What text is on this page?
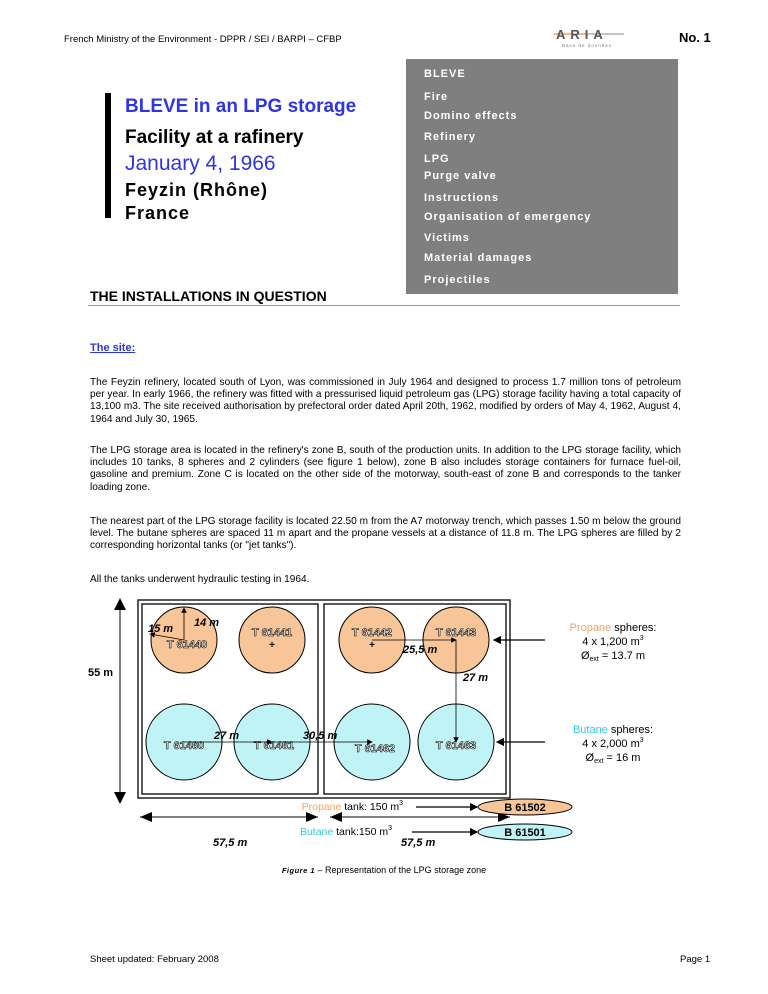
French Ministry of the Environment - DPPR / SEI / BARPI – CFBP	ARIA
Base de données
No. 1
BLEVE
Fire
Domino effects
Refinery
LPG
Purge valve
Instructions
Organisation of emergency
Victims
Material damages
Projectiles
BLEVE in an LPG storage
Facility at a rafinery
January 4, 1966
Feyzin (Rhône)
France
THE INSTALLATIONS IN QUESTION
The site:
The Feyzin refinery, located south of Lyon, was commissioned in July 1964 and designed to process 1.7 million tons of petroleum per year. In early 1966, the refinery was fitted with a pressurised liquid petroleum gas (LPG) storage facility having a total capacity of 13,100 m3. The site received authorisation by prefectoral order dated April 20th, 1962, modified by orders of May 4, 1962, August 4, 1964 and July 30, 1965.
The LPG storage area is located in the refinery's zone B, south of the production units. In addition to the LPG storage facility, which includes 10 tanks, 8 spheres and 2 cylinders (see figure 1 below), zone B also includes storage containers for furnace fuel-oil, gasoline and premium. Zone C is located on the other side of the motorway, south-east of zone B and corresponds to the tanker loading zone.
The nearest part of the LPG storage facility is located 22.50 m from the A7 motorway trench, which passes 1.50 m below the ground level. The butane spheres are spaced 11 m apart and the propane vessels at a distance of 11.8 m. The LPG spheres are filled by 2 corresponding horizontal tanks (or "jet tanks").
All the tanks underwent hydraulic testing in 1964.
T 61440
T 61441	T 61442	T 61443
T 61460	T 61461	T 61462	T 61463
+	+
15 m 14 m
25,5 m
27 m
27 m	30,5 m
55 m
57,5 m	57,5 m
Propane spheres:
4 x 1,200 $m^3$
Øext = 13.7 m
Butane spheres:
4 x 2,000 $m^3$
Øext = 16 m
Propane tank: 150 $m^3$
Butane tank:150 $m^3$
B 61502
B 61501
Figure 1 – Representation of the LPG storage zone
Sheet updated: February 2008	Page 1
